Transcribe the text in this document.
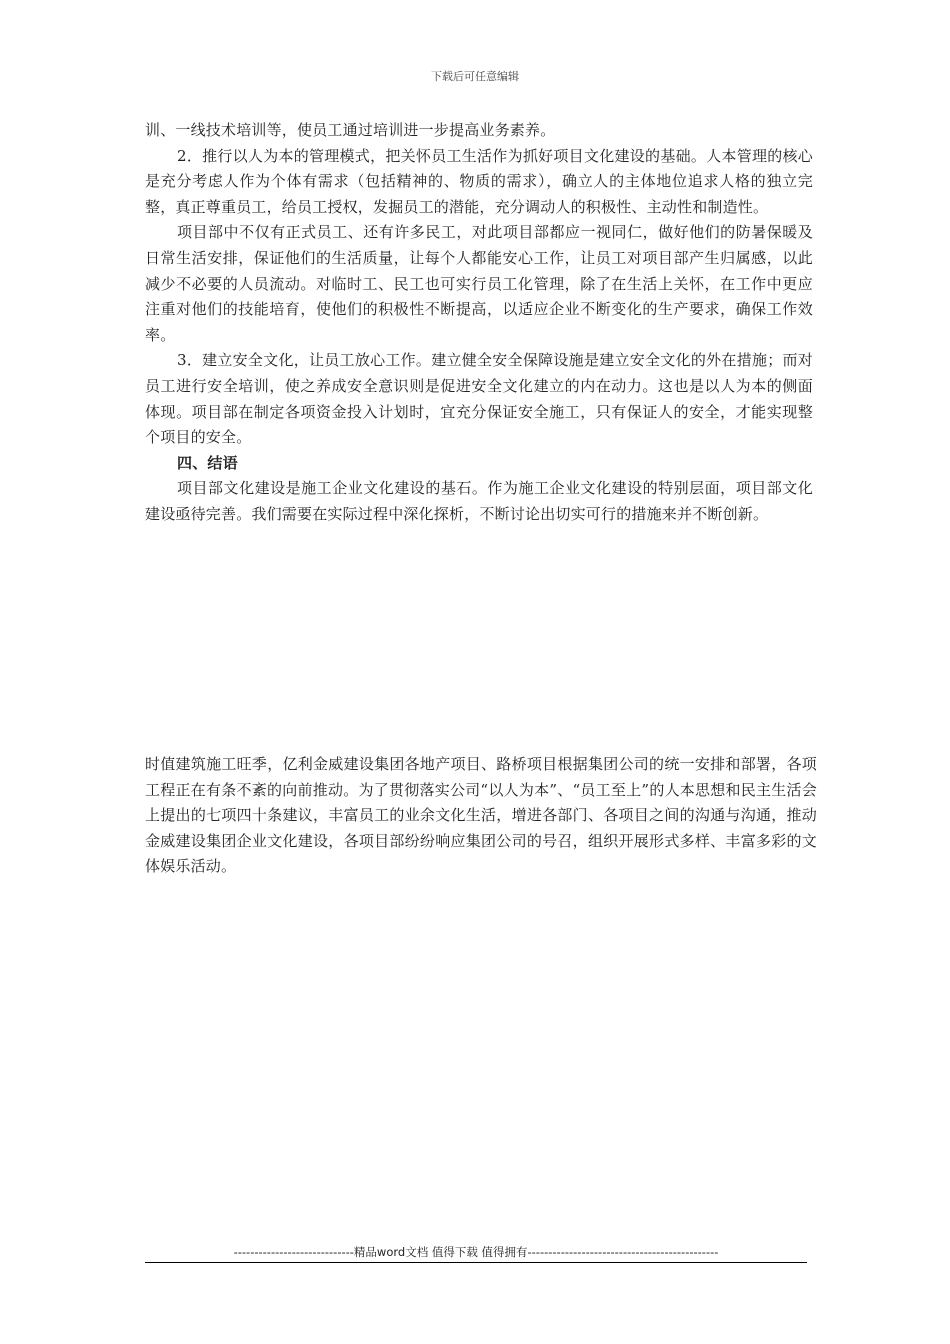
下载后可任意编辑

训、一线技术培训等，使员工通过培训进一步提高业务素养。

2．推行以人为本的管理模式，把关怀员工生活作为抓好项目文化建设的基础。人本管理的核心是充分考虑人作为个体有需求（包括精神的、物质的需求），确立人的主体地位追求人格的独立完整，真正尊重员工，给员工授权，发掘员工的潜能，充分调动人的积极性、主动性和制造性。

项目部中不仅有正式员工、还有许多民工，对此项目部都应一视同仁，做好他们的防暑保暖及日常生活安排，保证他们的生活质量，让每个人都能安心工作，让员工对项目部产生归属感，以此减少不必要的人员流动。对临时工、民工也可实行员工化管理，除了在生活上关怀，在工作中更应注重对他们的技能培育，使他们的积极性不断提高，以适应企业不断变化的生产要求，确保工作效率。

3．建立安全文化，让员工放心工作。建立健全安全保障设施是建立安全文化的外在措施；而对员工进行安全培训，使之养成安全意识则是促进安全文化建立的内在动力。这也是以人为本的侧面体现。项目部在制定各项资金投入计划时，宜充分保证安全施工，只有保证人的安全，才能实现整个项目的安全。

四、结语

项目部文化建设是施工企业文化建设的基石。作为施工企业文化建设的特别层面，项目部文化建设亟待完善。我们需要在实际过程中深化探析，不断讨论出切实可行的措施来并不断创新。

时值建筑施工旺季，亿利金威建设集团各地产项目、路桥项目根据集团公司的统一安排和部署，各项工程正在有条不紊的向前推动。为了贯彻落实公司“以人为本”、“员工至上”的人本思想和民主生活会上提出的七项四十条建议，丰富员工的业余文化生活，增进各部门、各项目之间的沟通与沟通，推动金威建设集团企业文化建设，各项目部纷纷响应集团公司的号召，组织开展形式多样、丰富多彩的文体娱乐活动。

-----------------------------精品word文档 值得下载 值得拥有----------------------------------------------
